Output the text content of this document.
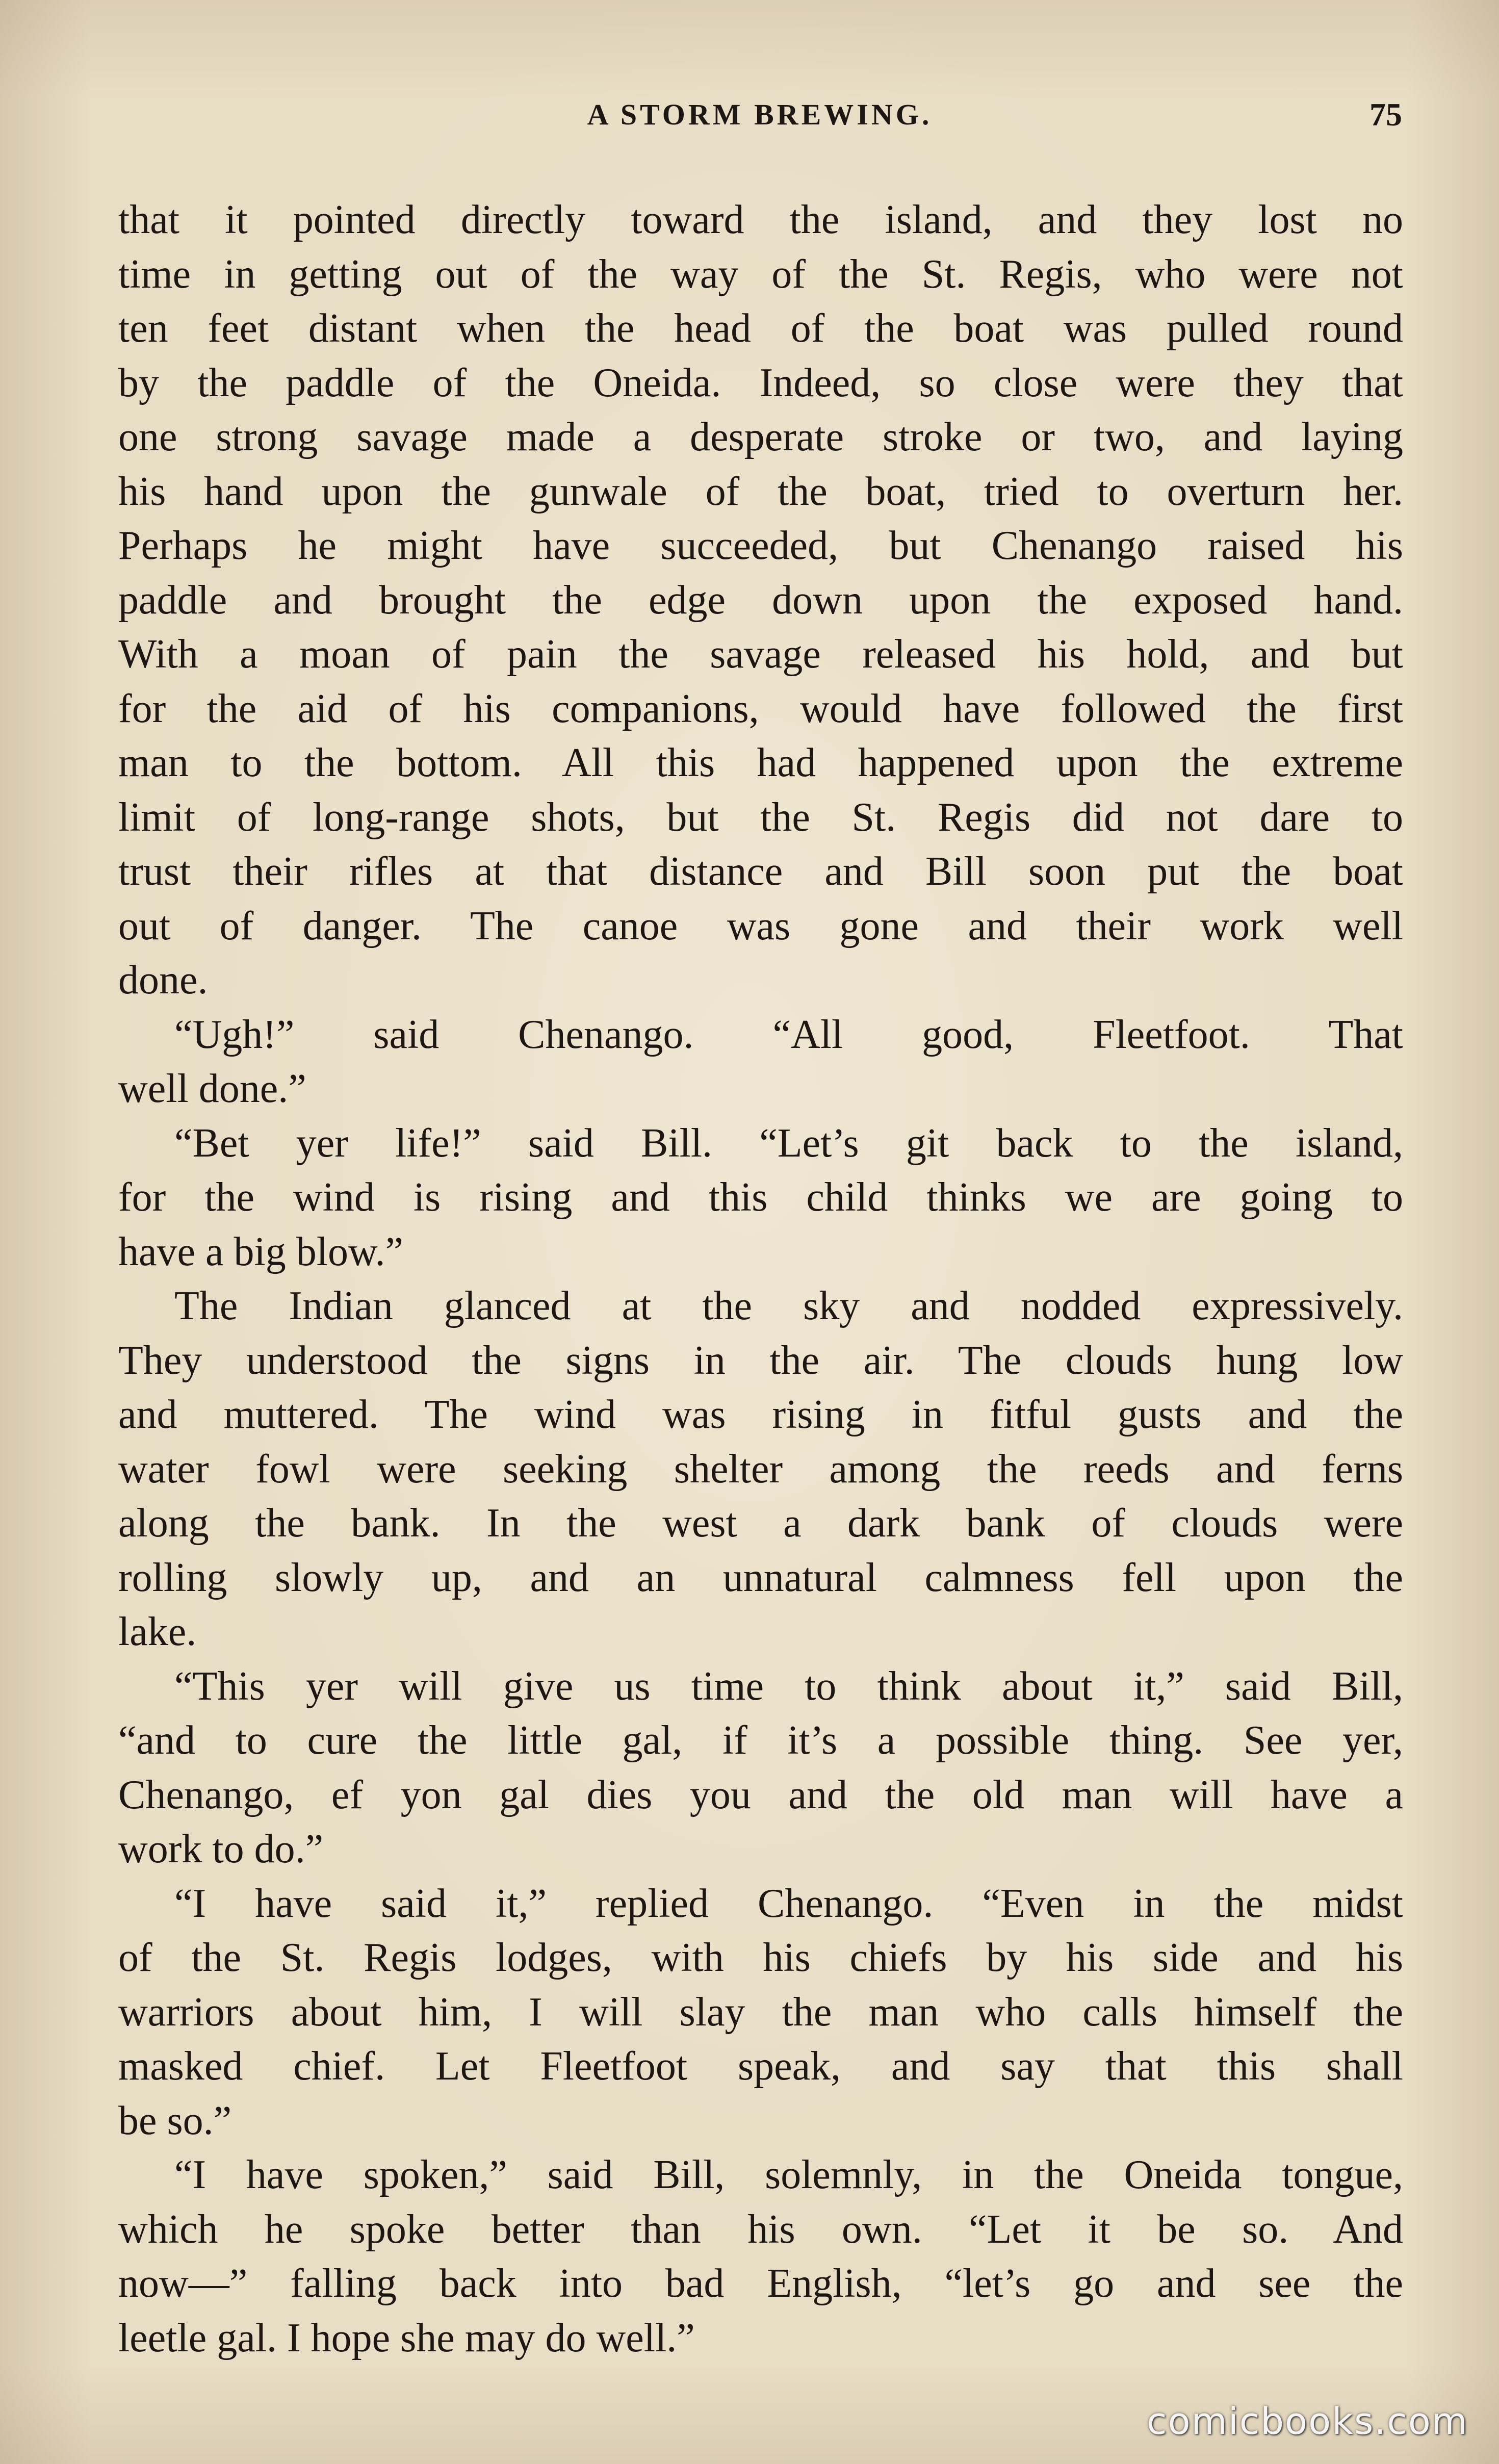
A STORM BREWING.	75
that it pointed directly toward the island, and they lost no
time in getting out of the way of the St. Regis, who were not
ten feet distant when the head of the boat was pulled round
by the paddle of the Oneida. Indeed, so close were they that
one strong savage made a desperate stroke or two, and laying
his hand upon the gunwale of the boat, tried to overturn her.
Perhaps he might have succeeded, but Chenango raised his
paddle and brought the edge down upon the exposed hand.
With a moan of pain the savage released his hold, and but
for the aid of his companions, would have followed the first
man to the bottom. All this had happened upon the extreme
limit of long-range shots, but the St. Regis did not dare to
trust their rifles at that distance and Bill soon put the boat
out of danger. The canoe was gone and their work well
done.
“Ugh!” said Chenango. “All good, Fleetfoot. That
well done.”
“Bet yer life!” said Bill. “Let’s git back to the island,
for the wind is rising and this child thinks we are going to
have a big blow.”
The Indian glanced at the sky and nodded expressively.
They understood the signs in the air. The clouds hung low
and muttered. The wind was rising in fitful gusts and the
water fowl were seeking shelter among the reeds and ferns
along the bank. In the west a dark bank of clouds were
rolling slowly up, and an unnatural calmness fell upon the
lake.
“This yer will give us time to think about it,” said Bill,
“and to cure the little gal, if it’s a possible thing. See yer,
Chenango, ef yon gal dies you and the old man will have a
work to do.”
“I have said it,” replied Chenango. “Even in the midst
of the St. Regis lodges, with his chiefs by his side and his
warriors about him, I will slay the man who calls himself the
masked chief. Let Fleetfoot speak, and say that this shall
be so.”
“I have spoken,” said Bill, solemnly, in the Oneida tongue,
which he spoke better than his own. “Let it be so. And
now—” falling back into bad English, “let’s go and see the
leetle gal. I hope she may do well.”
comicbooks.com
